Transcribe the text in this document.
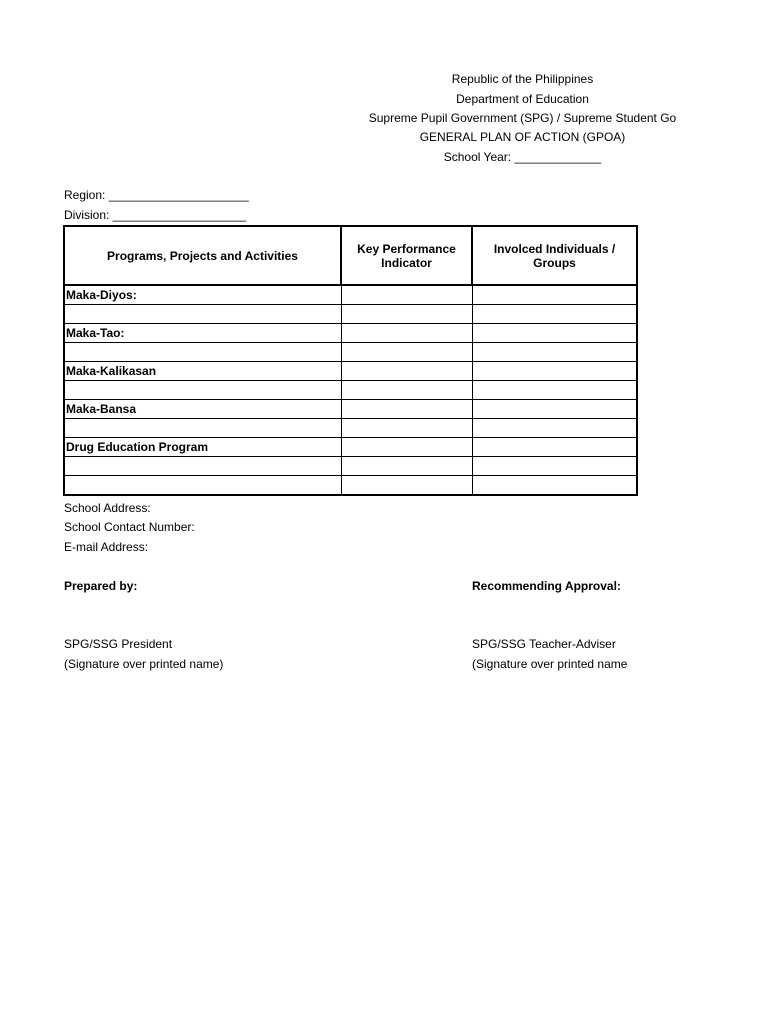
Republic of the Philippines
Department of Education
Supreme Pupil Government (SPG) / Supreme Student Go
GENERAL PLAN OF ACTION (GPOA)
School Year: _____________
Region: _____________________
Division: ____________________
Programs, Projects and Activities	Key Performance Indicator	Involced Individuals / Groups
Maka-Diyos:		

Maka-Tao:		

Maka-Kalikasan		

Maka-Bansa		

Drug Education Program		

School Address:
School Contact Number:
E-mail Address:
Prepared by:	Recommending Approval:
SPG/SSG President
(Signature over printed name)
SPG/SSG Teacher-Adviser
(Signature over printed name
